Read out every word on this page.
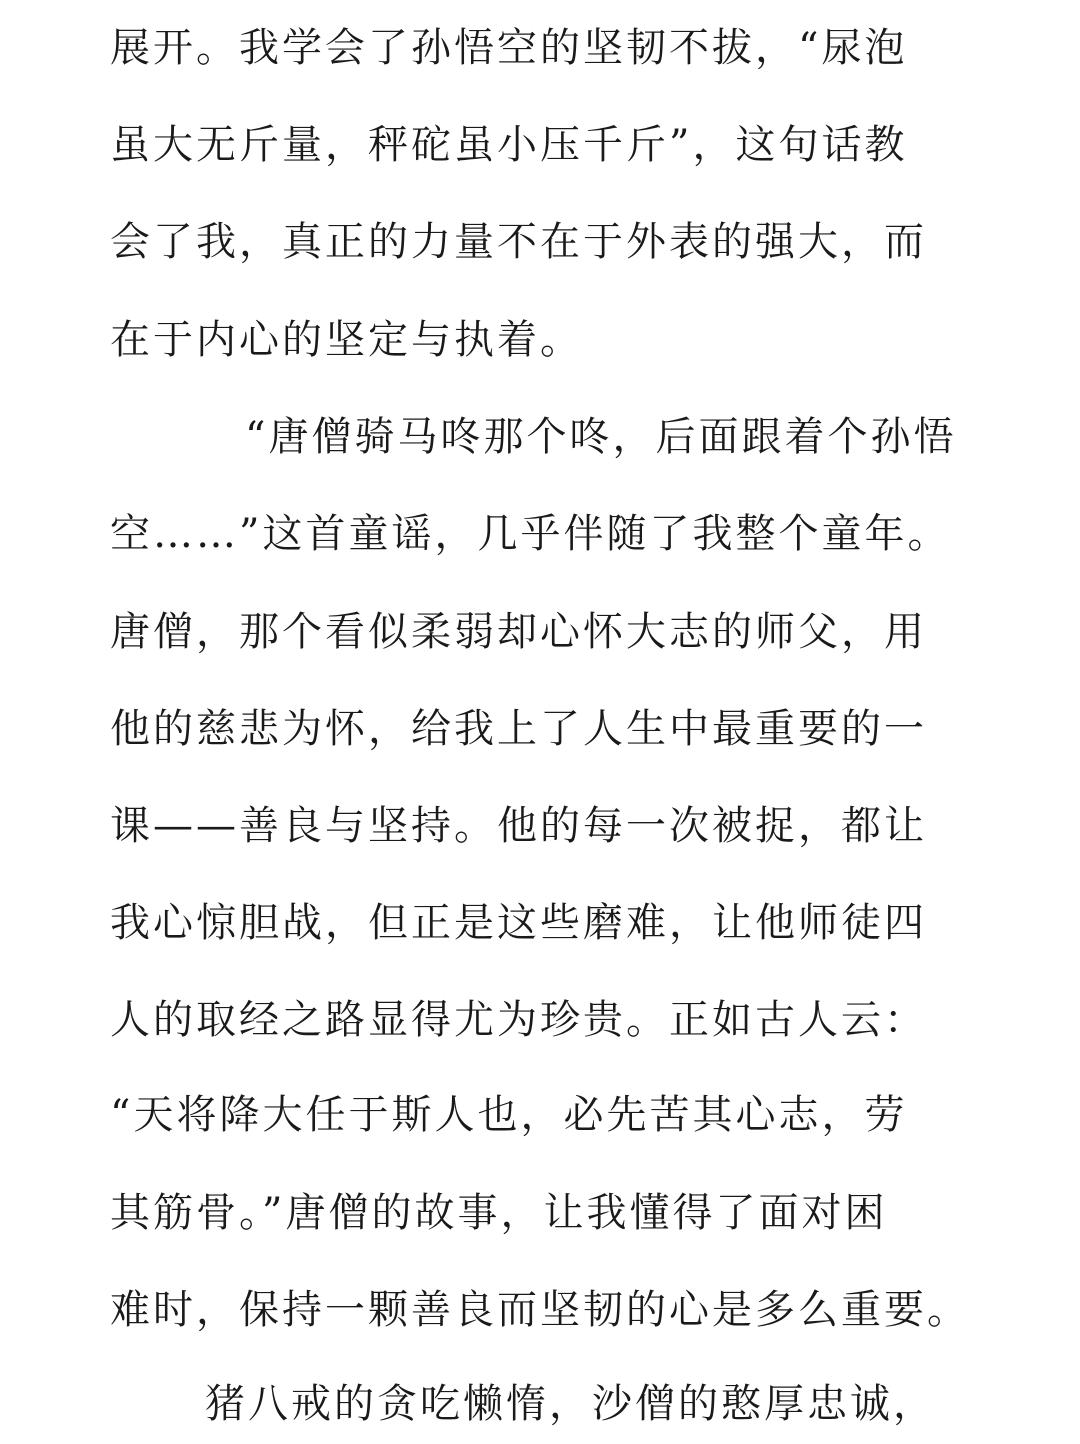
展开。我学会了孙悟空的坚韧不拔，“尿泡
虽大无斤量，秤砣虽小压千斤”，这句话教
会了我，真正的力量不在于外表的强大，而
在于内心的坚定与执着。
“唐僧骑马咚那个咚，后面跟着个孙悟
空……”这首童谣，几乎伴随了我整个童年。
唐僧，那个看似柔弱却心怀大志的师父，用
他的慈悲为怀，给我上了人生中最重要的一
课——善良与坚持。他的每一次被捉，都让
我心惊胆战，但正是这些磨难，让他师徒四
人的取经之路显得尤为珍贵。正如古人云：
“天将降大任于斯人也，必先苦其心志，劳
其筋骨。”唐僧的故事，让我懂得了面对困
难时，保持一颗善良而坚韧的心是多么重要。
猪八戒的贪吃懒惰，沙僧的憨厚忠诚，
